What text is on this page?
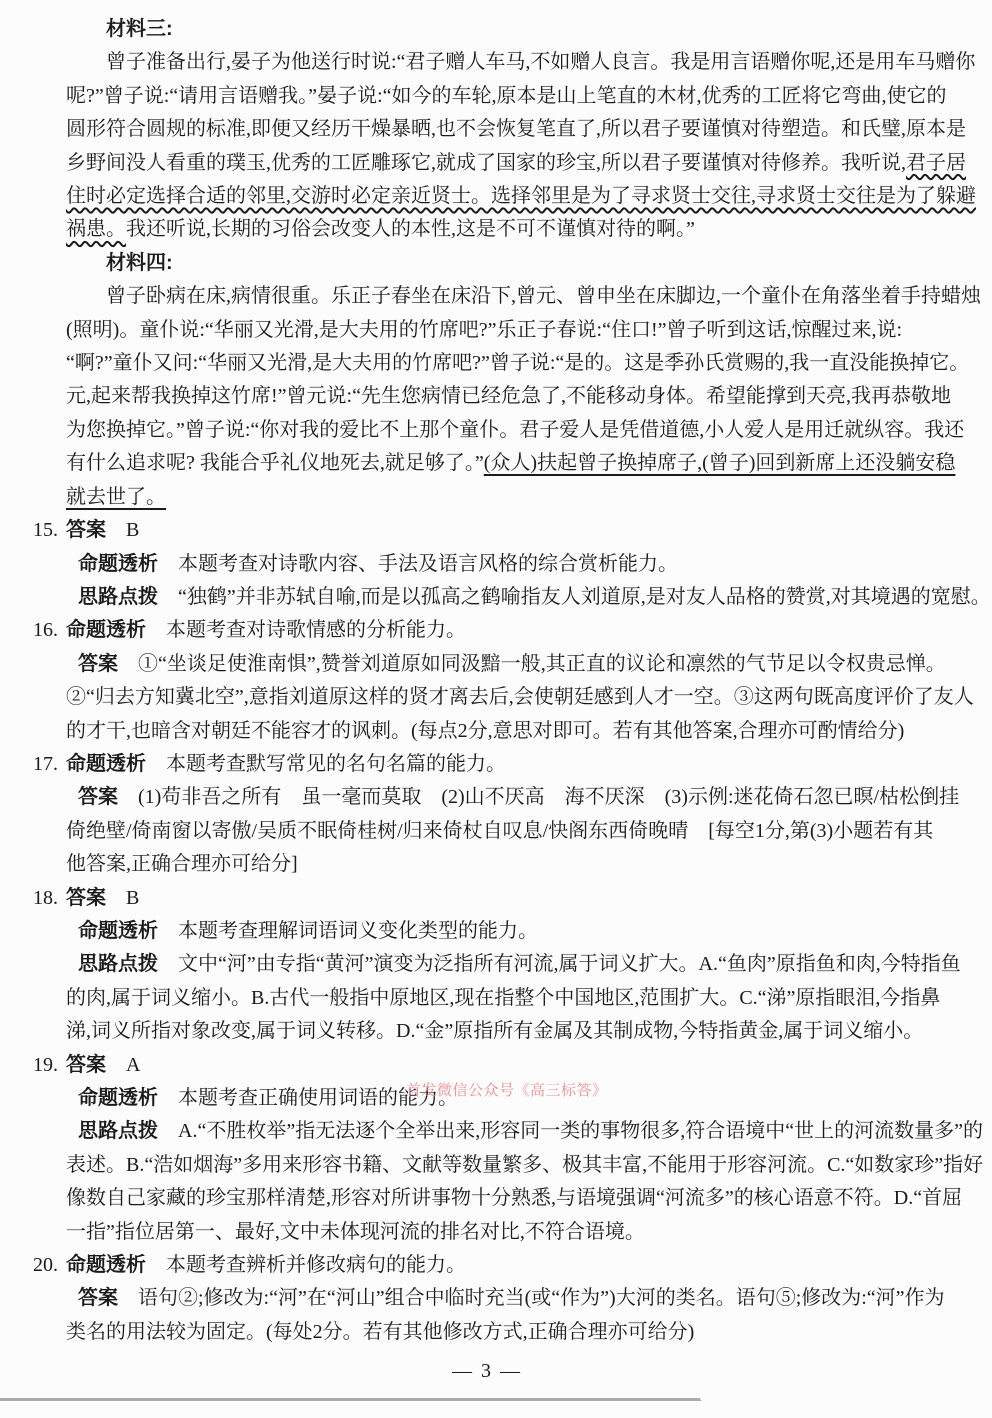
材料三:
曾子准备出行,晏子为他送行时说:“君子赠人车马,不如赠人良言。我是用言语赠你呢,还是用车马赠你
呢?”曾子说:“请用言语赠我。”晏子说:“如今的车轮,原本是山上笔直的木材,优秀的工匠将它弯曲,使它的
圆形符合圆规的标准,即便又经历干燥暴晒,也不会恢复笔直了,所以君子要谨慎对待塑造。和氏璧,原本是
乡野间没人看重的璞玉,优秀的工匠雕琢它,就成了国家的珍宝,所以君子要谨慎对待修养。我听说,君子居
住时必定选择合适的邻里,交游时必定亲近贤士。选择邻里是为了寻求贤士交往,寻求贤士交往是为了躲避
祸患。我还听说,长期的习俗会改变人的本性,这是不可不谨慎对待的啊。”
材料四:
曾子卧病在床,病情很重。乐正子春坐在床沿下,曾元、曾申坐在床脚边,一个童仆在角落坐着手持蜡烛
(照明)。童仆说:“华丽又光滑,是大夫用的竹席吧?”乐正子春说:“住口!”曾子听到这话,惊醒过来,说:
“啊?”童仆又问:“华丽又光滑,是大夫用的竹席吧?”曾子说:“是的。这是季孙氏赏赐的,我一直没能换掉它。
元,起来帮我换掉这竹席!”曾元说:“先生您病情已经危急了,不能移动身体。希望能撑到天亮,我再恭敬地
为您换掉它。”曾子说:“你对我的爱比不上那个童仆。君子爱人是凭借道德,小人爱人是用迁就纵容。我还
有什么追求呢? 我能合乎礼仪地死去,就足够了。”(众人)扶起曾子换掉席子,(曾子)回到新席上还没躺安稳
就去世了。
15. 答案　B
命题透析　本题考查对诗歌内容、手法及语言风格的综合赏析能力。
思路点拨　“独鹤”并非苏轼自喻,而是以孤高之鹤喻指友人刘道原,是对友人品格的赞赏,对其境遇的宽慰。
16. 命题透析　本题考查对诗歌情感的分析能力。
答案　①“坐谈足使淮南惧”,赞誉刘道原如同汲黯一般,其正直的议论和凛然的气节足以令权贵忌惮。
②“归去方知冀北空”,意指刘道原这样的贤才离去后,会使朝廷感到人才一空。③这两句既高度评价了友人
的才干,也暗含对朝廷不能容才的讽刺。(每点2分,意思对即可。若有其他答案,合理亦可酌情给分)
17. 命题透析　本题考查默写常见的名句名篇的能力。
答案　(1)苟非吾之所有　虽一毫而莫取　(2)山不厌高　海不厌深　(3)示例:迷花倚石忽已暝/枯松倒挂
倚绝壁/倚南窗以寄傲/吴质不眠倚桂树/归来倚杖自叹息/快阁东西倚晚晴　[每空1分,第(3)小题若有其
他答案,正确合理亦可给分]
18. 答案　B
命题透析　本题考查理解词语词义变化类型的能力。
思路点拨　文中“河”由专指“黄河”演变为泛指所有河流,属于词义扩大。A.“鱼肉”原指鱼和肉,今特指鱼
的肉,属于词义缩小。B.古代一般指中原地区,现在指整个中国地区,范围扩大。C.“涕”原指眼泪,今指鼻
涕,词义所指对象改变,属于词义转移。D.“金”原指所有金属及其制成物,今特指黄金,属于词义缩小。
19. 答案　A
命题透析　本题考查正确使用词语的能力。
思路点拨　A.“不胜枚举”指无法逐个全举出来,形容同一类的事物很多,符合语境中“世上的河流数量多”的
表述。B.“浩如烟海”多用来形容书籍、文献等数量繁多、极其丰富,不能用于形容河流。C.“如数家珍”指好
像数自己家藏的珍宝那样清楚,形容对所讲事物十分熟悉,与语境强调“河流多”的核心语意不符。D.“首屈
一指”指位居第一、最好,文中未体现河流的排名对比,不符合语境。
20. 命题透析　本题考查辨析并修改病句的能力。
答案　语句②;修改为:“河”在“河山”组合中临时充当(或“作为”)大河的类名。语句⑤;修改为:“河”作为
类名的用法较为固定。(每处2分。若有其他修改方式,正确合理亦可给分)
首发微信公众号《高三标答》
— 3 —
